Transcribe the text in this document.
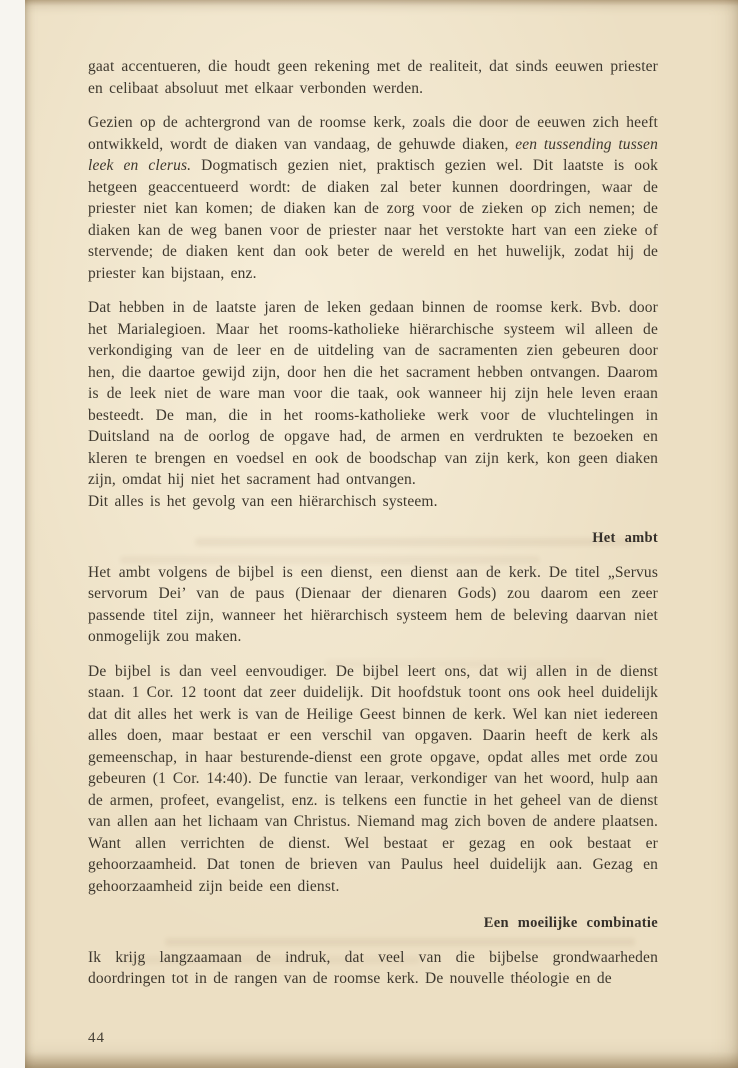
gaat accentueren, die houdt geen rekening met de realiteit, dat sinds eeuwen priester en celibaat absoluut met elkaar verbonden werden.

Gezien op de achtergrond van de roomse kerk, zoals die door de eeuwen zich heeft ontwikkeld, wordt de diaken van vandaag, de gehuwde diaken, een tussending tussen leek en clerus. Dogmatisch gezien niet, praktisch gezien wel. Dit laatste is ook hetgeen geaccentueerd wordt: de diaken zal beter kunnen doordringen, waar de priester niet kan komen; de diaken kan de zorg voor de zieken op zich nemen; de diaken kan de weg banen voor de priester naar het verstokte hart van een zieke of stervende; de diaken kent dan ook beter de wereld en het huwelijk, zodat hij de priester kan bijstaan, enz.

Dat hebben in de laatste jaren de leken gedaan binnen de roomse kerk. Bvb. door het Marialegioen. Maar het rooms-katholieke hiërarchische systeem wil alleen de verkondiging van de leer en de uitdeling van de sacramenten zien gebeuren door hen, die daartoe gewijd zijn, door hen die het sacrament hebben ontvangen. Daarom is de leek niet de ware man voor die taak, ook wanneer hij zijn hele leven eraan besteedt. De man, die in het rooms-katholieke werk voor de vluchtelingen in Duitsland na de oorlog de opgave had, de armen en verdrukten te bezoeken en kleren te brengen en voedsel en ook de boodschap van zijn kerk, kon geen diaken zijn, omdat hij niet het sacrament had ontvangen.

Dit alles is het gevolg van een hiërarchisch systeem.

Het ambt

Het ambt volgens de bijbel is een dienst, een dienst aan de kerk. De titel „Servus servorum Dei’ van de paus (Dienaar der dienaren Gods) zou daarom een zeer passende titel zijn, wanneer het hiërarchisch systeem hem de beleving daarvan niet onmogelijk zou maken.

De bijbel is dan veel eenvoudiger. De bijbel leert ons, dat wij allen in de dienst staan. 1 Cor. 12 toont dat zeer duidelijk. Dit hoofdstuk toont ons ook heel duidelijk dat dit alles het werk is van de Heilige Geest binnen de kerk. Wel kan niet iedereen alles doen, maar bestaat er een verschil van opgaven. Daarin heeft de kerk als gemeenschap, in haar besturende-dienst een grote opgave, opdat alles met orde zou gebeuren (1 Cor. 14:40). De functie van leraar, verkondiger van het woord, hulp aan de armen, profeet, evangelist, enz. is telkens een functie in het geheel van de dienst van allen aan het lichaam van Christus. Niemand mag zich boven de andere plaatsen. Want allen verrichten de dienst. Wel bestaat er gezag en ook bestaat er gehoorzaamheid. Dat tonen de brieven van Paulus heel duidelijk aan. Gezag en gehoorzaamheid zijn beide een dienst.

Een moeilijke combinatie

Ik krijg langzaamaan de indruk, dat veel van die bijbelse grondwaarheden doordringen tot in de rangen van de roomse kerk. De nouvelle théologie en de

44
